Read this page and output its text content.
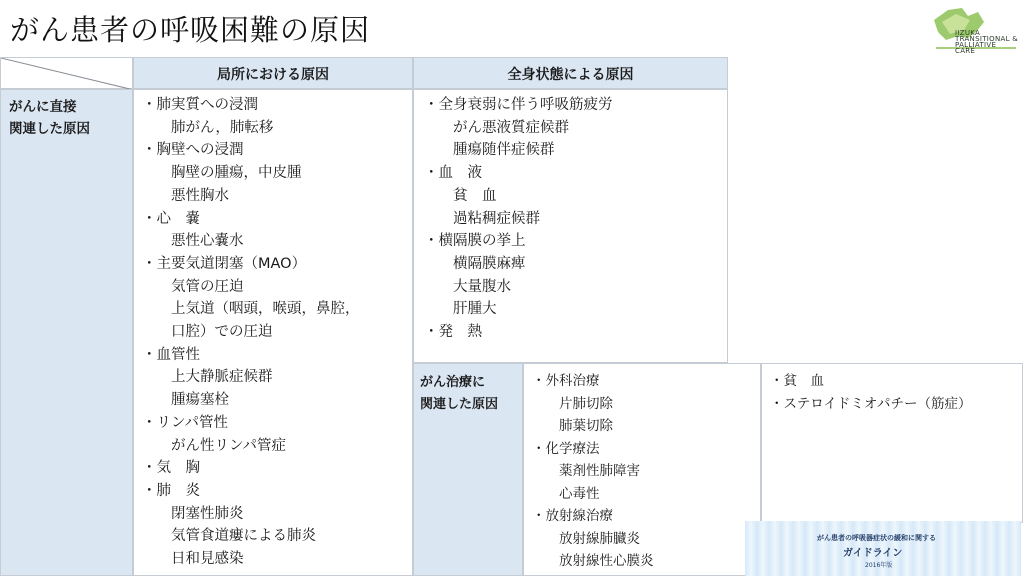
がん患者の呼吸困難の原因	IIZUKA
TRANSITIONAL &
PALLIATIVE
CARE
局所における原因	全身状態による原因
がんに直接
関連した原因
・肺実質への浸潤
　　肺がん，肺転移
・胸壁への浸潤
　　胸壁の腫瘍，中皮腫
　　悪性胸水
・心　嚢
　　悪性心嚢水
・主要気道閉塞（MAO）
　　気管の圧迫
　　上気道（咽頭，喉頭，鼻腔，
　　口腔）での圧迫
・血管性
　　上大静脈症候群
　　腫瘍塞栓
・リンパ管性
　　がん性リンパ管症
・気　胸
・肺　炎
　　閉塞性肺炎
　　気管食道瘻による肺炎
　　日和見感染
・全身衰弱に伴う呼吸筋疲労
　　がん悪液質症候群
　　腫瘍随伴症候群
・血　液
　　貧　血
　　過粘稠症候群
・横隔膜の挙上
　　横隔膜麻痺
　　大量腹水
　　肝腫大
・発　熱
がん治療に
関連した原因
・外科治療
　　片肺切除
　　肺葉切除
・化学療法
　　薬剤性肺障害
　　心毒性
・放射線治療
　　放射線肺臓炎
　　放射線性心膜炎
・貧　血
・ステロイドミオパチー（筋症）
がん患者の呼吸器症状の緩和に関する
ガイドライン
2016年版
